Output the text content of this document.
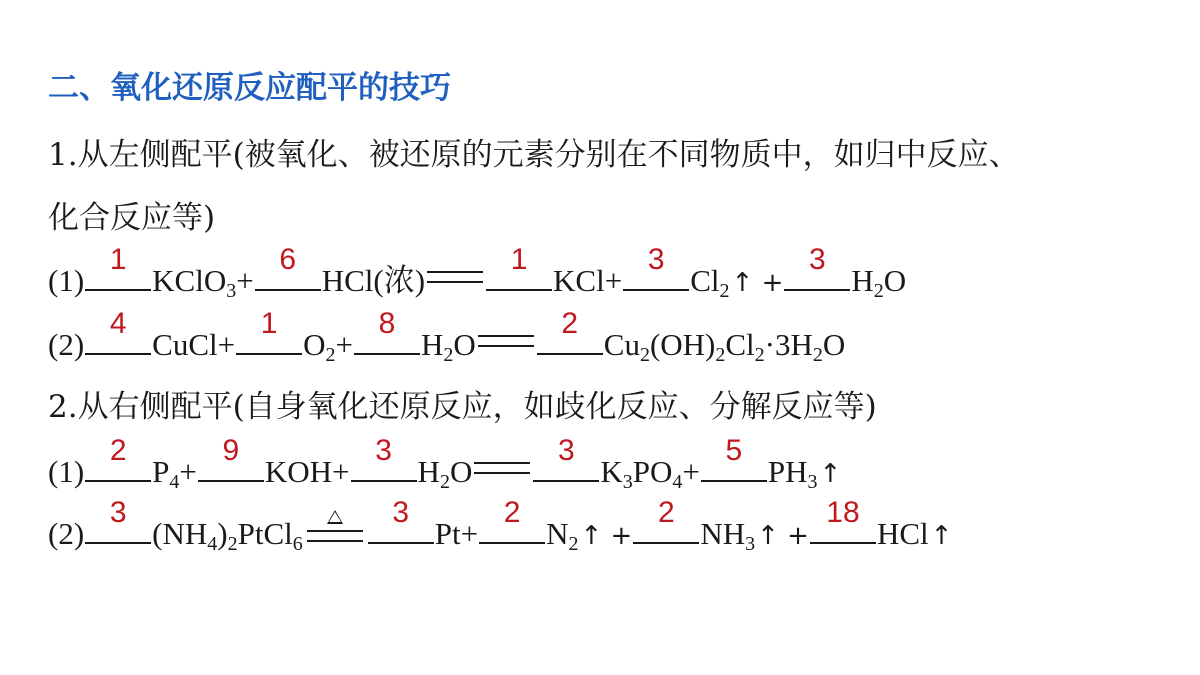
二、氧化还原反应配平的技巧
1.从左侧配平(被氧化、被还原的元素分别在不同物质中，如归中反应、
化合反应等)
(1)
1
KClO$_3$+
6
HCl(浓)
1
KCl+
3
$Cl_2↑$ +
3
$H_2O$
(2)
4
CuCl+
1
$O_2+$
8
$H_2O$
2
$Cu_2(OH)_2Cl_2\cdot 3H_2O$
2.从右侧配平(自身氧化还原反应，如歧化反应、分解反应等)
(1)
2
$P_4+$
9
KOH+
3
$H_2O$
3
$K_3PO_4+$
5
$PH_3↑$
(2)
3
$(NH_4)_2PtCl_6$
3
Pt+
2
$N_2↑$ +
2
$NH_3↑$ +
18
HCl↑
